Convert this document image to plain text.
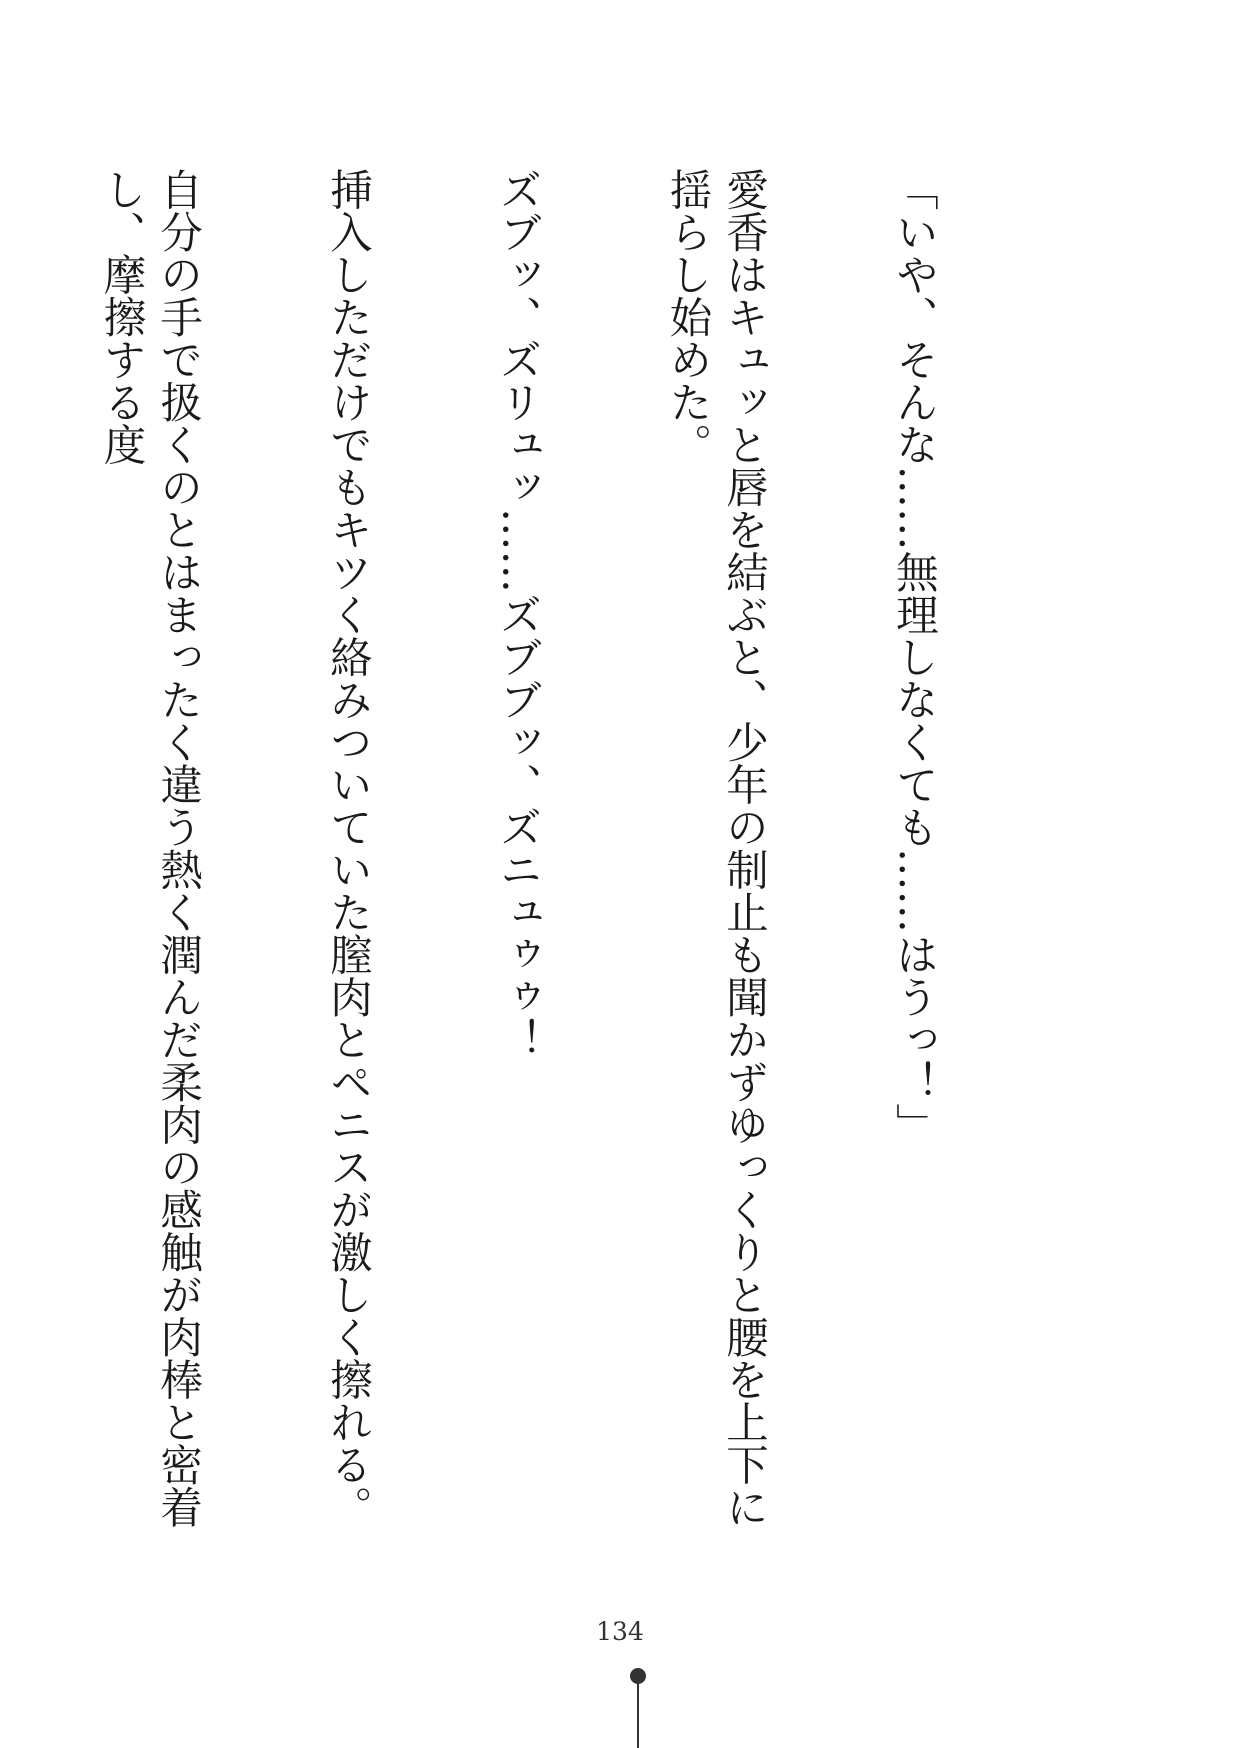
「いや、そんな……無理しなくても……はうっ！」

愛香はキュッと唇を結ぶと、少年の制止も聞かずゆっくりと腰を上下に揺らし始めた。

ズブッ、ズリュッ……ズブブッ、ズニュゥゥ！

挿入しただけでもキツく絡みついていた膣肉とペニスが激しく擦れる。

自分の手で扱くのとはまったく違う熱く潤んだ柔肉の感触が肉棒と密着し、摩擦する度

134
